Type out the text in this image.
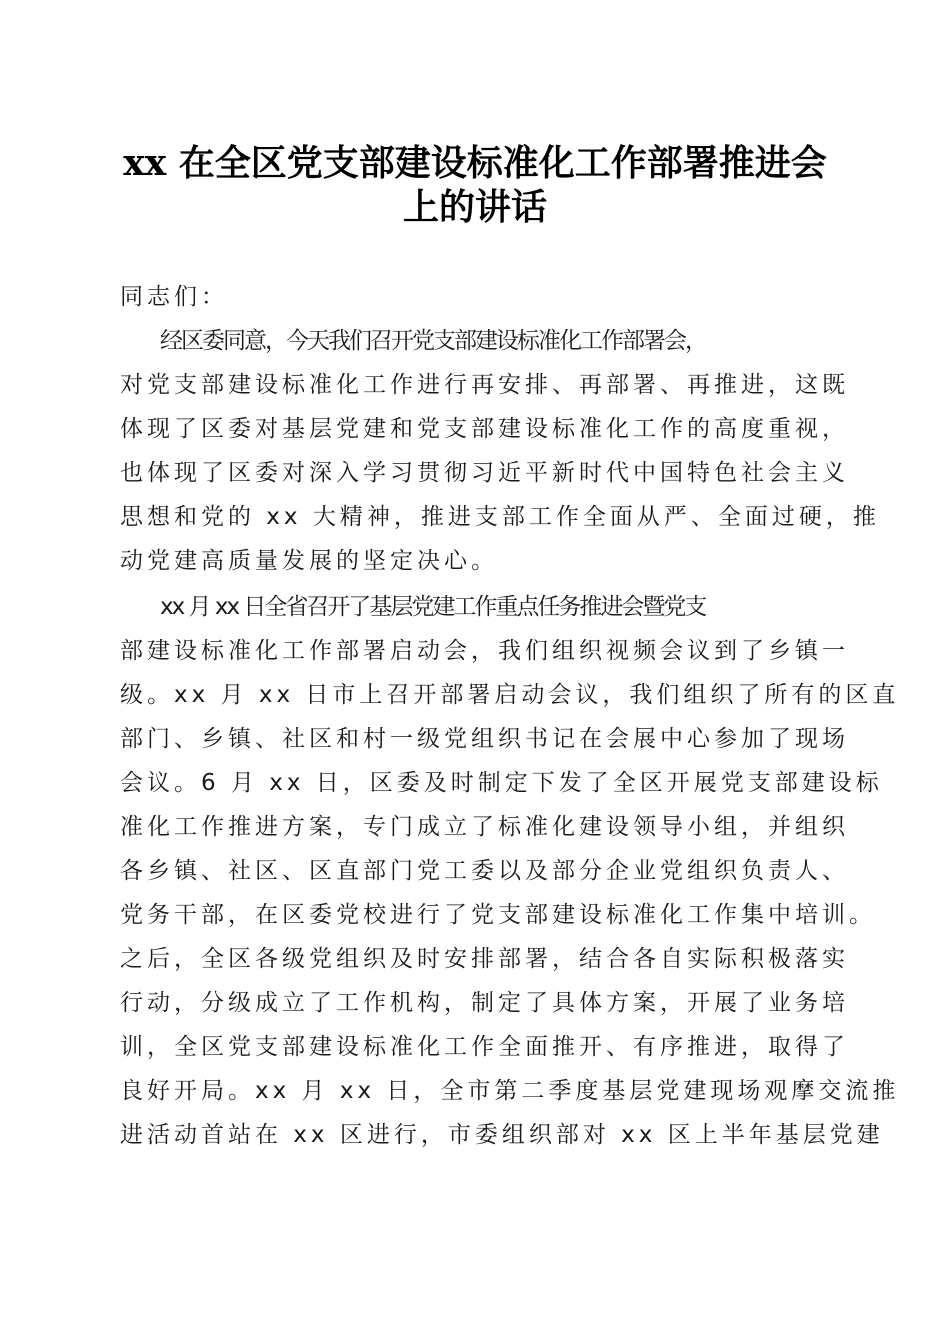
xx 在全区党支部建设标准化工作部署推进会
上的讲话
同志们：
经区委同意，今天我们召开党支部建设标准化工作部署会，
对党支部建设标准化工作进行再安排、再部署、再推进，这既
体现了区委对基层党建和党支部建设标准化工作的高度重视，
也体现了区委对深入学习贯彻习近平新时代中国特色社会主义
思想和党的 xx 大精神，推进支部工作全面从严、全面过硬，推
动党建高质量发展的坚定决心。
xx 月 xx 日全省召开了基层党建工作重点任务推进会暨党支
部建设标准化工作部署启动会，我们组织视频会议到了乡镇一
级。xx 月 xx 日市上召开部署启动会议，我们组织了所有的区直
部门、乡镇、社区和村一级党组织书记在会展中心参加了现场
会议。6 月 xx 日，区委及时制定下发了全区开展党支部建设标
准化工作推进方案，专门成立了标准化建设领导小组，并组织
各乡镇、社区、区直部门党工委以及部分企业党组织负责人、
党务干部，在区委党校进行了党支部建设标准化工作集中培训。
之后，全区各级党组织及时安排部署，结合各自实际积极落实
行动，分级成立了工作机构，制定了具体方案，开展了业务培
训，全区党支部建设标准化工作全面推开、有序推进，取得了
良好开局。xx 月 xx 日，全市第二季度基层党建现场观摩交流推
进活动首站在 xx 区进行，市委组织部对 xx 区上半年基层党建
